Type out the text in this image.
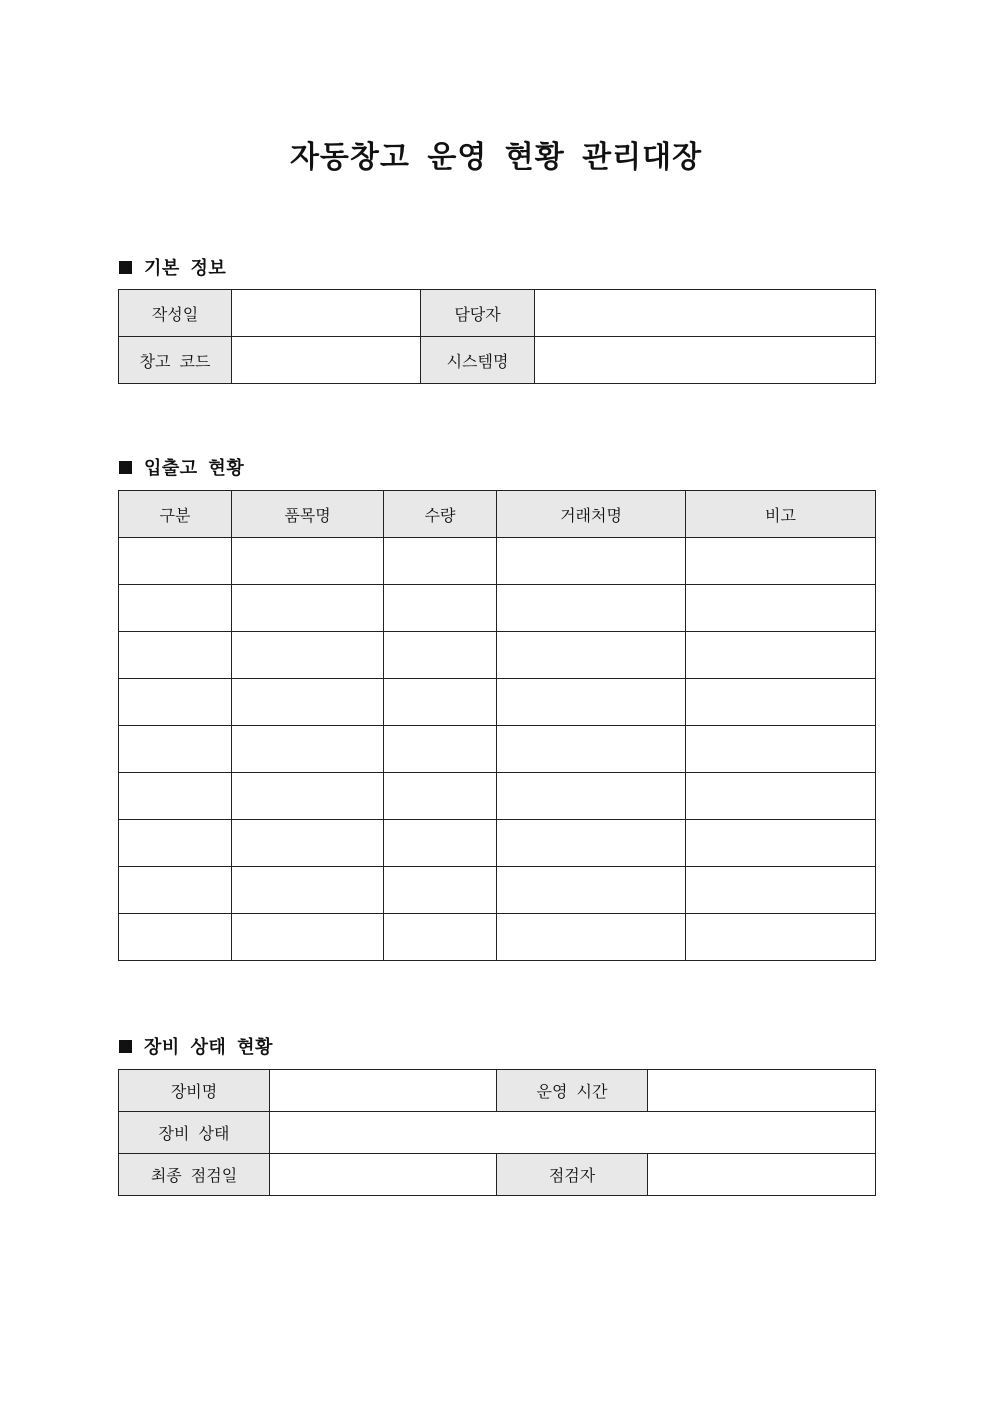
자동창고 운영 현황 관리대장
기본 정보
작성일		담당자	
창고 코드		시스템명	
입출고 현황
구분	품목명	수량	거래처명	비고

장비 상태 현황
장비명		운영 시간	
장비 상태			
최종 점검일		점검자	
